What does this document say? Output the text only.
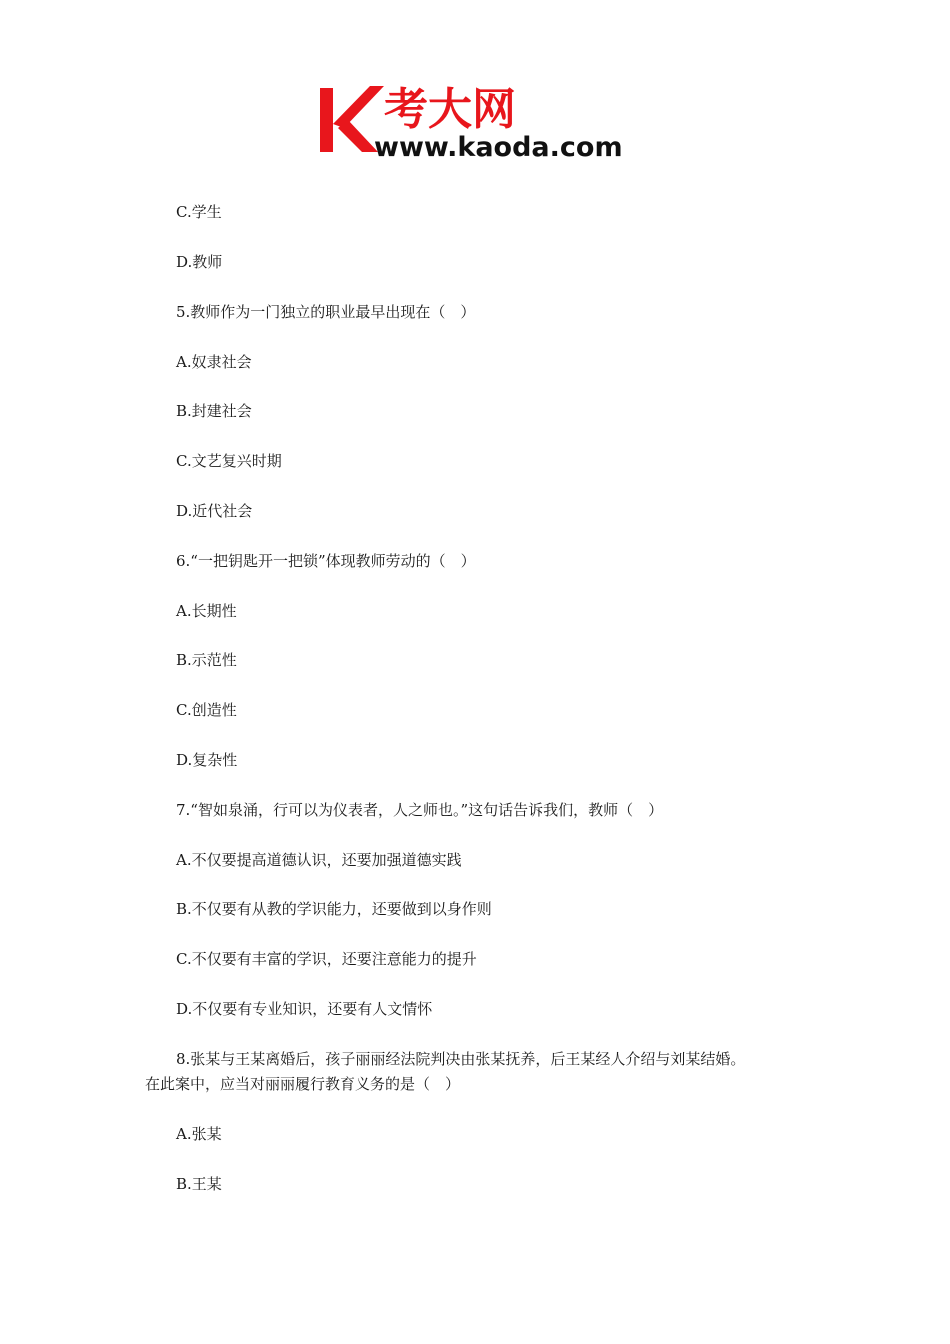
考大网
www.kaoda.com
C.学生
D.教师
5.教师作为一门独立的职业最早出现在（　）
A.奴隶社会
B.封建社会
C.文艺复兴时期
D.近代社会
6.“一把钥匙开一把锁”体现教师劳动的（　）
A.长期性
B.示范性
C.创造性
D.复杂性
7.“智如泉涌，行可以为仪表者，人之师也。”这句话告诉我们，教师（　）
A.不仅要提高道德认识，还要加强道德实践
B.不仅要有从教的学识能力，还要做到以身作则
C.不仅要有丰富的学识，还要注意能力的提升
D.不仅要有专业知识，还要有人文情怀
8.张某与王某离婚后，孩子丽丽经法院判决由张某抚养，后王某经人介绍与刘某结婚。
在此案中，应当对丽丽履行教育义务的是（　）
A.张某
B.王某
